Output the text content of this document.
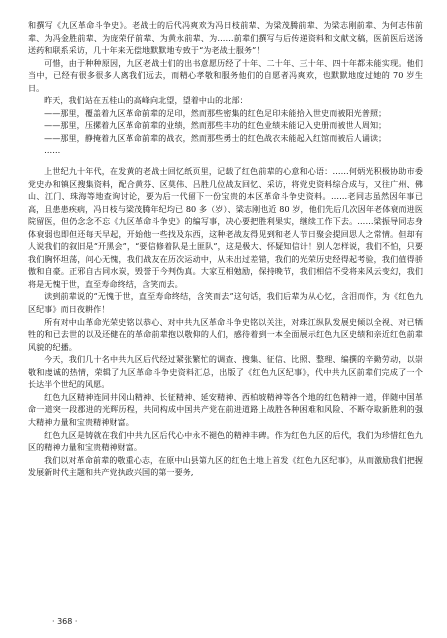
和撰写《九区革命斗争史》。老战士的后代冯爽欢为冯日枝前辈、为梁茂腾前辈、为梁志刚前辈、为何志伟前辈、为冯金胜前辈、为庞荣仔前辈、为黄永前辈、为……前辈们撰写与后传递资料和文献文稿，医前医后送汤送药和联系采访，几十年来无偿地默默地专致于“为老战士服务”！

可惜，由于种种原因，九区老战士们的出书意愿历经了十年、二十年、三十年、四十年都未能实现。他们当中，已经有很多很多人离我们远去，而精心孝敬和服务他们的自愿者冯爽欢，也默默地度过她的 70 岁生日。

昨天，我们站在五桂山的高峰向北望，望着中山的北部：

——那里，覆盖着九区革命前辈的足印，然而那些密集的红色足印未能拾入世史而被阳光普照；

——那里，压摞着九区革命前辈的业绩，然而那些丰功的红色业绩未能记入史册而被世人周知；

——那里，静掩着九区革命前辈的战衣，然而那些勇士的红色战衣未能起入红馆而被后人诵读；

……

上世纪九十年代，在发黄的老战士回忆纸页里，记载了红色前辈的心意和心语：……何炳光积极协助市委党史办和镇区搜集资料，配合黄芬、区莫伟、吕胜几位战友回忆、采访，将党史资料综合成与，又往广州、佛山、江门、珠海等地查询讨论，要为后一代留下一份宝贵的本区革命斗争史资料。……老同志虽然因年事已高，且患患疾病，冯日枝与梁茂腾年纪均已 80 多（岁）、梁志刚也近 80 岁，他们先后几次因年老体衰而进医院留医，但仍念念不忘《九区革命斗争史》的编写事，决心要把胜利果实，继续工作下去。……梁振导同志身体衰弱也即但还每天早起，开始他一些找及东西，这种老战友得见到和老人节日聚会提回思人之常情。但却有人说我们的叙旧是“开黑会”，“要信修着队是土匪队”，这是极大、怀疑知信计！别人怎样说，我们不怕，只要我们胸怀坦荡，问心无愧，我们战友在历次运动中，从未出过差错，我们的光荣历史经得起考验，我们值得骄傲和自豪。正邪自古同水炭，毁誉于今判伪真。大家互相勉励，保持晚节，我们相信不受将来风云变幻，我们将是无愧于世，直至寿命终结，含笑而去。

读到前辈说的“无愧于世，直至寿命终结，含笑而去”这句话，我们后辈为从心忆，含泪而作，为《红色九区纪事》而日夜耕作！

所有对中山革命光荣史铭以恭心、对中共九区革命斗争史铭以关注，对珠江纵队发展史倾以全视、对已牺牲的和已去世的以及还健在的革命前辈抱以敬仰的人们，感待着到一本全面展示红色九区史绩和亲近红色前辈风貌的纪播。

今天，我们几十名中共九区后代经过紧张繁忙的调查、搜集、征信、比照、整理、编撰的辛勤劳动，以崇敬和虔诚的热情，荣辑了九区革命斗争史资料汇总，出版了《红色九区纪事》，代中共九区前辈们完成了一个长达半个世纪的风愿。

红色九区精神连同井冈山精神、长征精神、延安精神、西柏坡精神等各个地的红色精神一道，伴随中国革命一道突一段郡进的光辉历程，共同构成中国共产党在前进道路上战胜各种困难和风险、不断夺取新胜利的强大精神力量和宝贵精神财富。

红色九区是铸就在我们中共九区后代心中永不褪色的精神丰碑。作为红色九区的后代，我们为珍惜红色九区的精神力量和宝贵精神财富。

我们以对革命前辈的敬重心志，在原中山县第九区的红色土地上首发《红色九区纪事》，从而激励我们把握发展新时代主题和共产党执政兴国的第一要务,

· 368 ·
